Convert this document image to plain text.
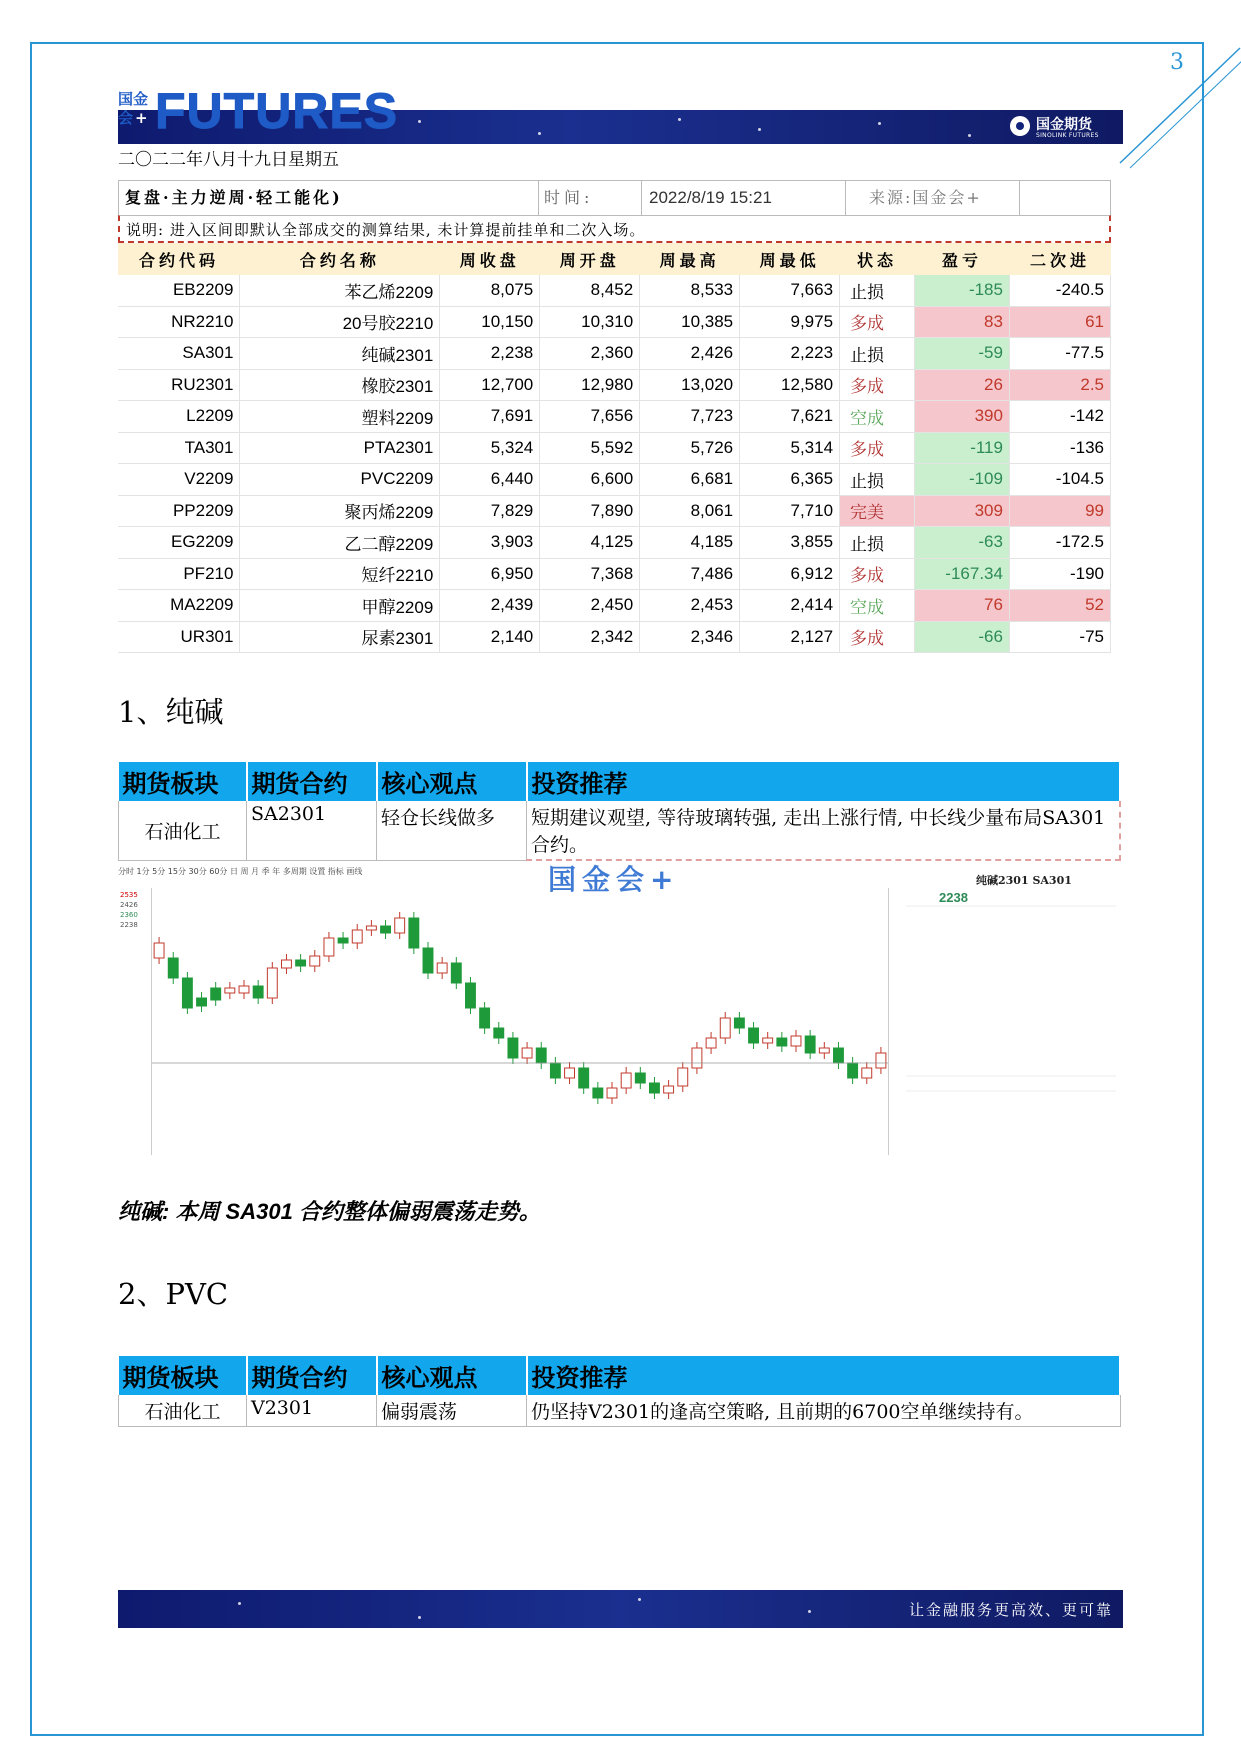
3
国金
会 + FUTURES	国金期货
SINOLINK FUTURES
二〇二二年八月十九日星期五
复盘·主力逆周·轻工能化)	时间:	2022/8/19 15:21	来源:国金会+
说明: 进入区间即默认全部成交的测算结果, 未计算提前挂单和二次入场。
合约代码	合约名称	周收盘	周开盘	周最高	周最低	状态	盈亏	二次进
EB2209	苯乙烯2209	8,075	8,452	8,533	7,663	止损	-185	-240.5
NR2210	20号胶2210	10,150	10,310	10,385	9,975	多成	83	61
SA301	纯碱2301	2,238	2,360	2,426	2,223	止损	-59	-77.5
RU2301	橡胶2301	12,700	12,980	13,020	12,580	多成	26	2.5
L2209	塑料2209	7,691	7,656	7,723	7,621	空成	390	-142
TA301	PTA2301	5,324	5,592	5,726	5,314	多成	-119	-136
V2209	PVC2209	6,440	6,600	6,681	6,365	止损	-109	-104.5
PP2209	聚丙烯2209	7,829	7,890	8,061	7,710	完美	309	99
EG2209	乙二醇2209	3,903	4,125	4,185	3,855	止损	-63	-172.5
PF210	短纤2210	6,950	7,368	7,486	6,912	多成	-167.34	-190
MA2209	甲醇2209	2,439	2,450	2,453	2,414	空成	76	52
UR301	尿素2301	2,140	2,342	2,346	2,127	多成	-66	-75
1、纯碱
期货板块	期货合约	核心观点	投资推荐
石油化工	SA2301	轻仓长线做多	短期建议观望, 等待玻璃转强, 走出上涨行情, 中长线少量布局SA301合约。
分时 1分 5分 15分 30分 60分 日 周 月 季 年 多周期 设置 指标 画线	国金会+
2535
2426
2360
2238
纯碱2301 SA301
2238
纯碱: 本周 SA301 合约整体偏弱震荡走势。
2、PVC
期货板块	期货合约	核心观点	投资推荐
石油化工	V2301	偏弱震荡	仍坚持V2301的逢高空策略, 且前期的6700空单继续持有。
让金融服务更高效、更可靠
